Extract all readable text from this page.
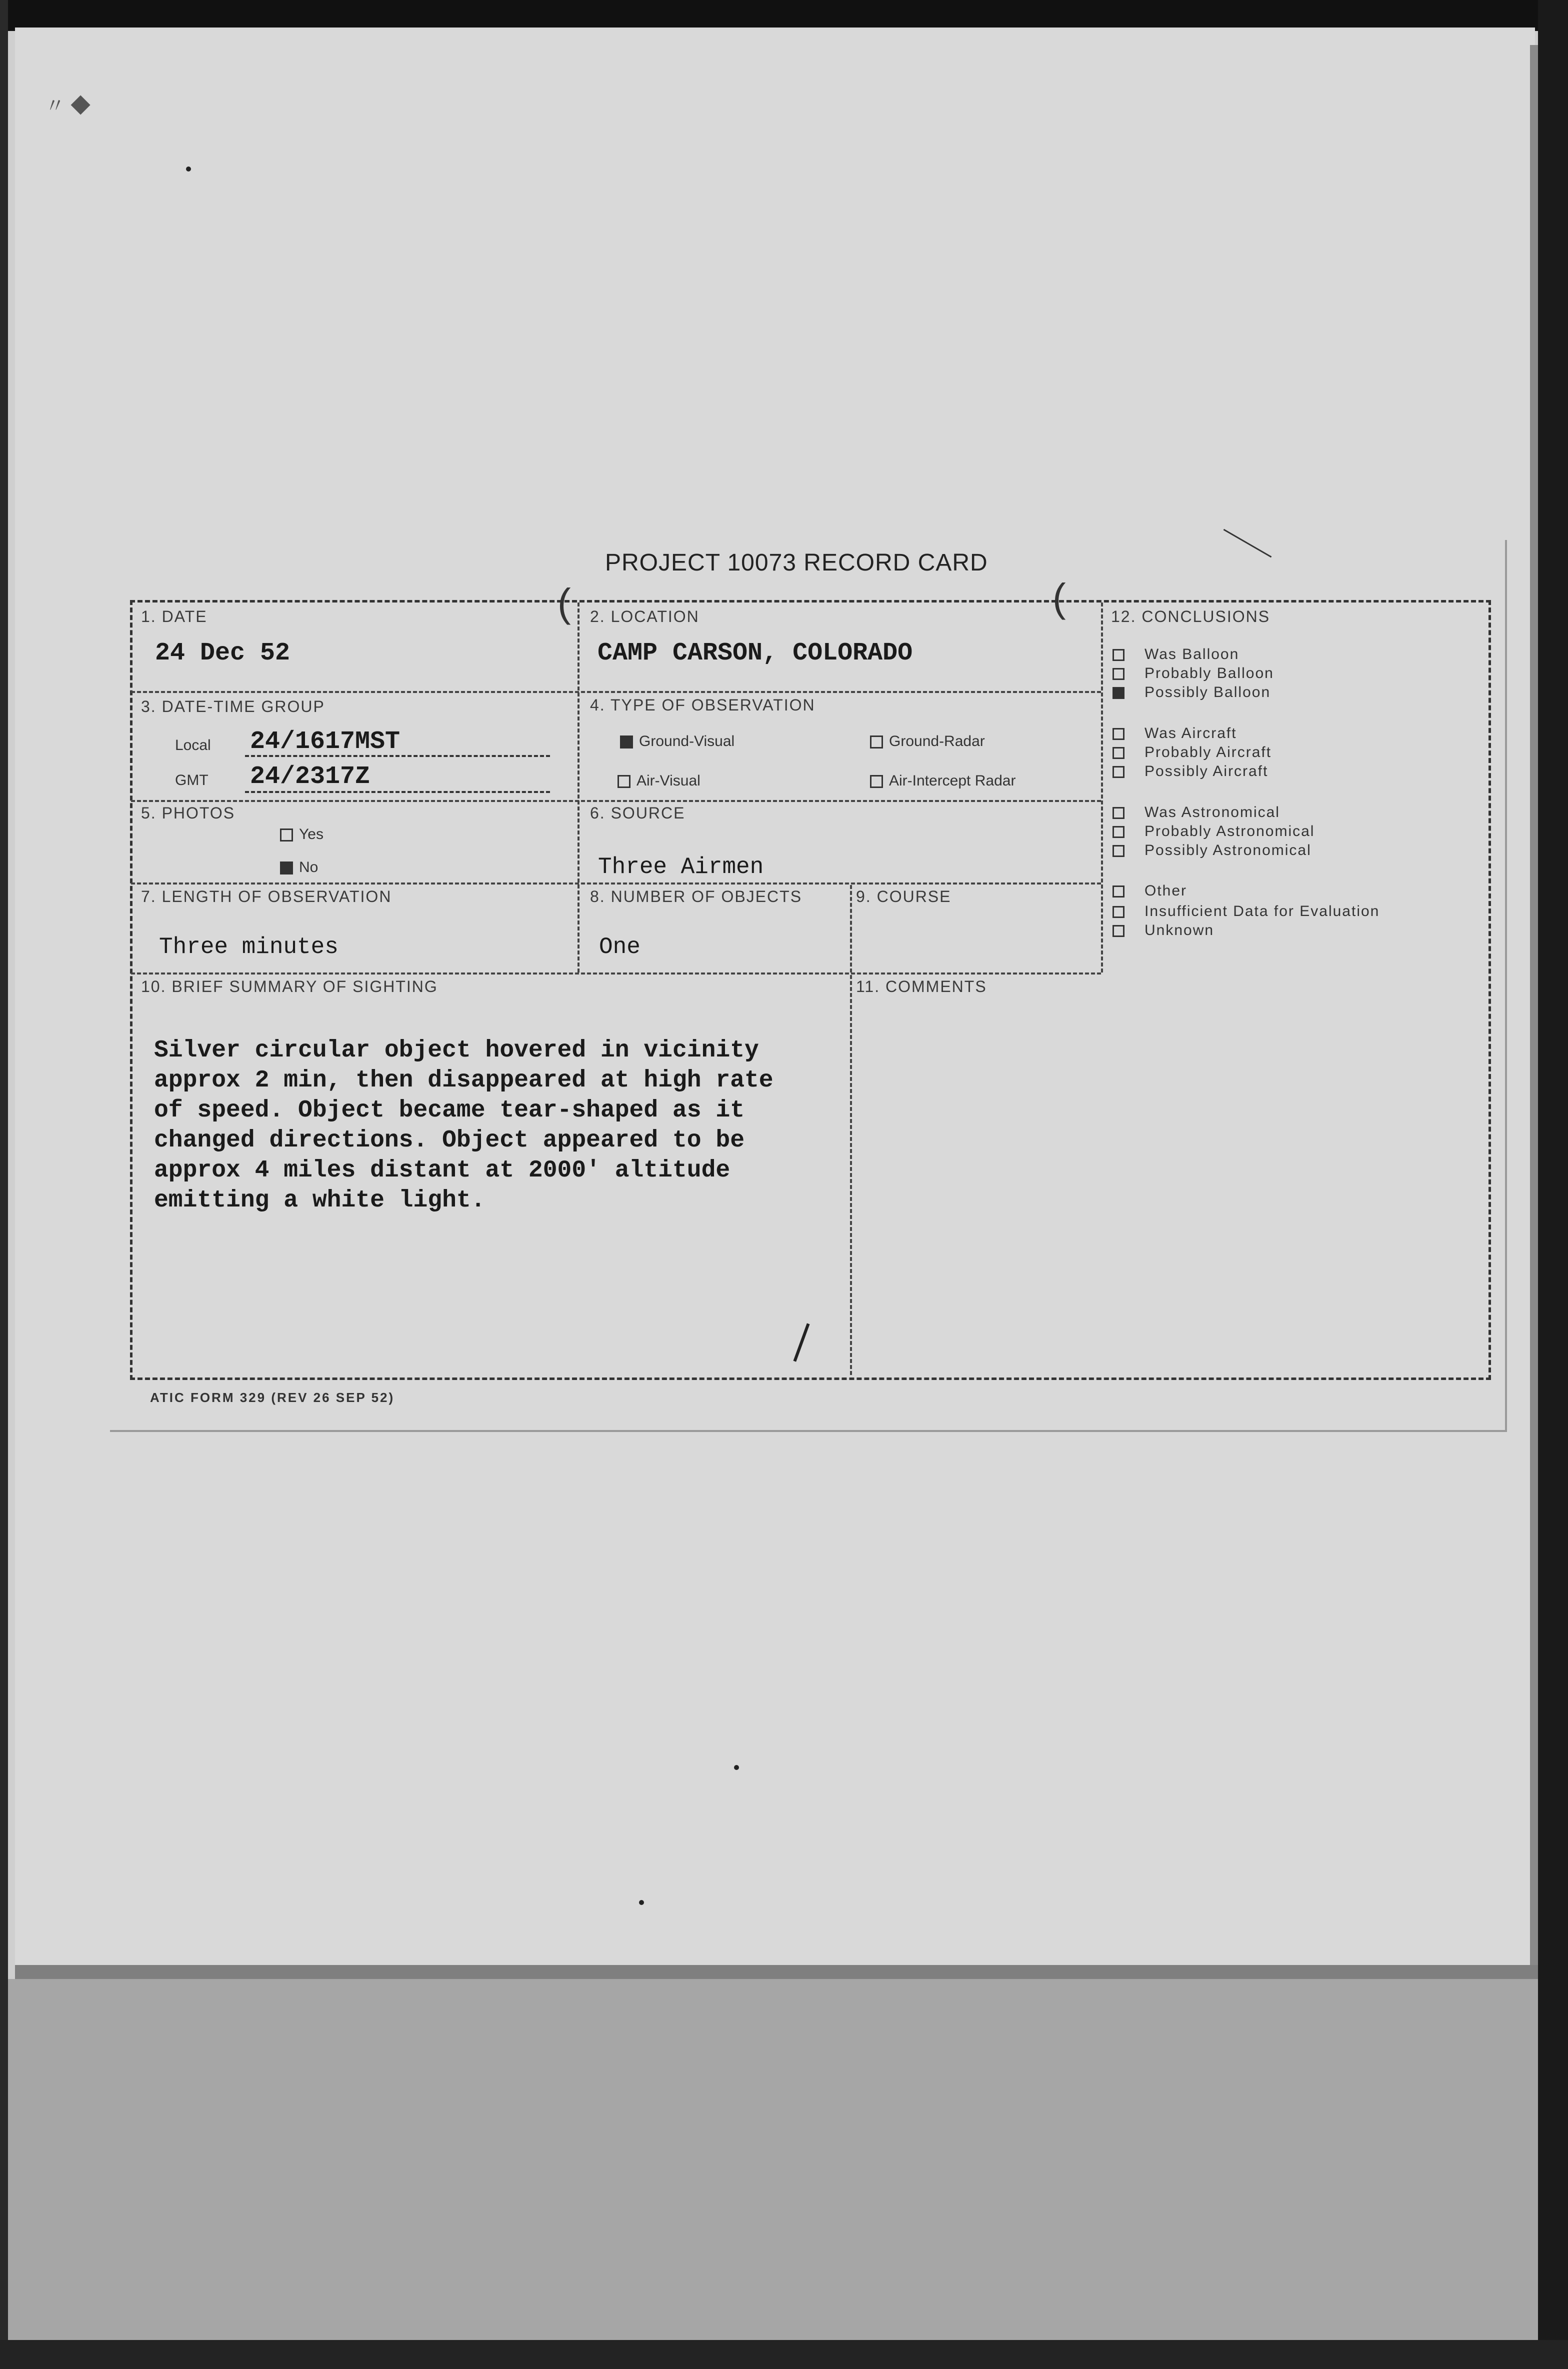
〃 ◆
PROJECT 10073 RECORD CARD
(	(
1. DATE
24 Dec 52
2. LOCATION
CAMP CARSON, COLORADO
3. DATE-TIME GROUP
Local 24/1617MST
GMT 24/2317Z
4. TYPE OF OBSERVATION
Ground-Visual	Ground-Radar
Air-Visual	Air-Intercept Radar
5. PHOTOS
Yes
No
6. SOURCE
Three Airmen
7. LENGTH OF OBSERVATION
Three minutes
8. NUMBER OF OBJECTS
One
9. COURSE
10. BRIEF SUMMARY OF SIGHTING
Silver circular object hovered in vicinity
approx 2 min, then disappeared at high rate
of speed. Object became tear-shaped as it
changed directions. Object appeared to be
approx 4 miles distant at 2000' altitude
emitting a white light.
11. COMMENTS
12. CONCLUSIONS
Was Balloon
Probably Balloon
Possibly Balloon
Was Aircraft
Probably Aircraft
Possibly Aircraft
Was Astronomical
Probably Astronomical
Possibly Astronomical
Other
Insufficient Data for Evaluation
Unknown
ATIC FORM 329 (REV 26 SEP 52)
